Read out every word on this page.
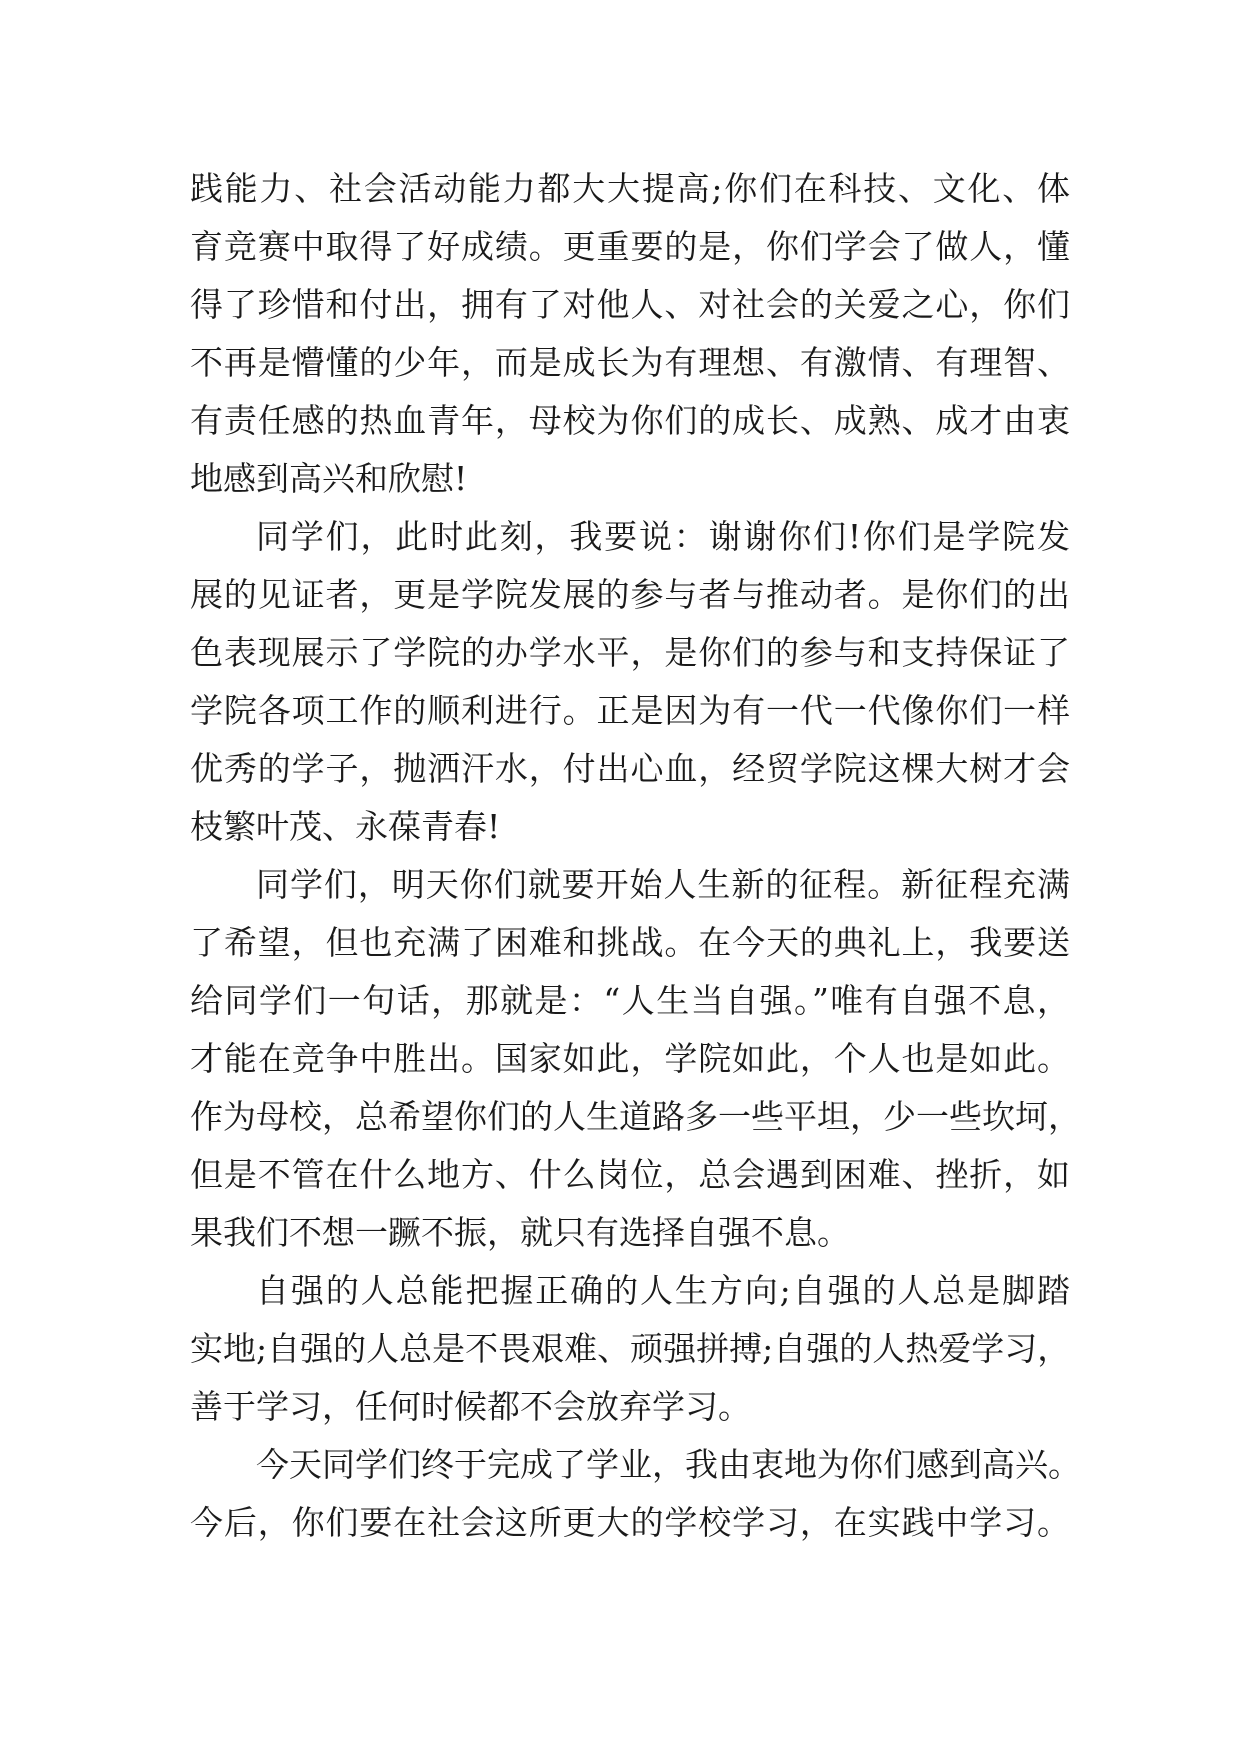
践能力、社会活动能力都大大提高;你们在科技、文化、体
育竞赛中取得了好成绩。更重要的是，你们学会了做人，懂
得了珍惜和付出，拥有了对他人、对社会的关爱之心，你们
不再是懵懂的少年，而是成长为有理想、有激情、有理智、
有责任感的热血青年，母校为你们的成长、成熟、成才由衷
地感到高兴和欣慰!
同学们，此时此刻，我要说：谢谢你们!你们是学院发
展的见证者，更是学院发展的参与者与推动者。是你们的出
色表现展示了学院的办学水平，是你们的参与和支持保证了
学院各项工作的顺利进行。正是因为有一代一代像你们一样
优秀的学子，抛洒汗水，付出心血，经贸学院这棵大树才会
枝繁叶茂、永葆青春!
同学们，明天你们就要开始人生新的征程。新征程充满
了希望，但也充满了困难和挑战。在今天的典礼上，我要送
给同学们一句话，那就是：“人生当自强。”唯有自强不息，
才能在竞争中胜出。国家如此，学院如此，个人也是如此。
作为母校，总希望你们的人生道路多一些平坦，少一些坎坷，
但是不管在什么地方、什么岗位，总会遇到困难、挫折，如
果我们不想一蹶不振，就只有选择自强不息。
自强的人总能把握正确的人生方向;自强的人总是脚踏
实地;自强的人总是不畏艰难、顽强拼搏;自强的人热爱学习，
善于学习，任何时候都不会放弃学习。
今天同学们终于完成了学业，我由衷地为你们感到高兴。
今后，你们要在社会这所更大的学校学习，在实践中学习。
